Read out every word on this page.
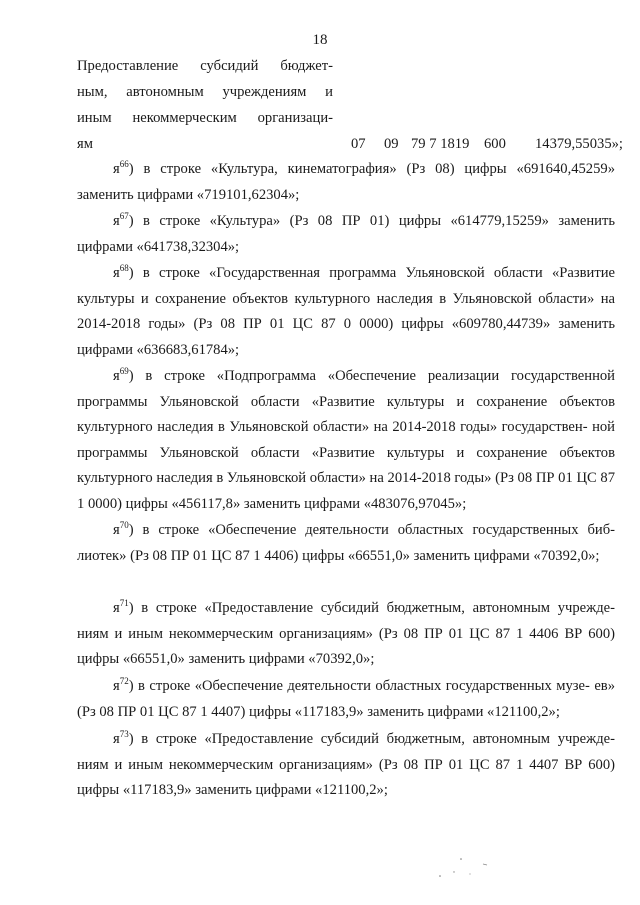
18
Предоставление субсидий бюджет-
ным, автономным учреждениям и
иным некоммерческим организаци-
ям	07 09 79 7 1819 600 14379,55035»;
$я^{66}$) в строке «Культура, кинематография» (Рз 08) цифры «691640,45259» заменить цифрами «719101,62304»;
$я^{67}$) в строке «Культура» (Рз 08 ПР 01) цифры «614779,15259» заменить цифрами «641738,32304»;
$я^{68}$) в строке «Государственная программа Ульяновской области «Развитие культуры и сохранение объектов культурного наследия в Ульяновской области» на 2014-2018 годы» (Рз 08 ПР 01 ЦС 87 0 0000) цифры «609780,44739» заменить цифрами «636683,61784»;
$я^{69}$) в строке «Подпрограмма «Обеспечение реализации государственной программы Ульяновской области «Развитие культуры и сохранение объектов культурного наследия в Ульяновской области» на 2014-2018 годы» государствен- ной программы Ульяновской области «Развитие культуры и сохранение объектов культурного наследия в Ульяновской области» на 2014-2018 годы» (Рз 08 ПР 01 ЦС 87 1 0000) цифры «456117,8» заменить цифрами «483076,97045»;
$я^{70}$) в строке «Обеспечение деятельности областных государственных биб- лиотек» (Рз 08 ПР 01 ЦС 87 1 4406) цифры «66551,0» заменить цифрами «70392,0»;
$я^{71}$) в строке «Предоставление субсидий бюджетным, автономным учрежде- ниям и иным некоммерческим организациям» (Рз 08 ПР 01 ЦС 87 1 4406 ВР 600) цифры «66551,0» заменить цифрами «70392,0»;
$я^{72}$) в строке «Обеспечение деятельности областных государственных музе- ев» (Рз 08 ПР 01 ЦС 87 1 4407) цифры «117183,9» заменить цифрами «121100,2»;
$я^{73}$) в строке «Предоставление субсидий бюджетным, автономным учрежде- ниям и иным некоммерческим организациям» (Рз 08 ПР 01 ЦС 87 1 4407 ВР 600) цифры «117183,9» заменить цифрами «121100,2»;
